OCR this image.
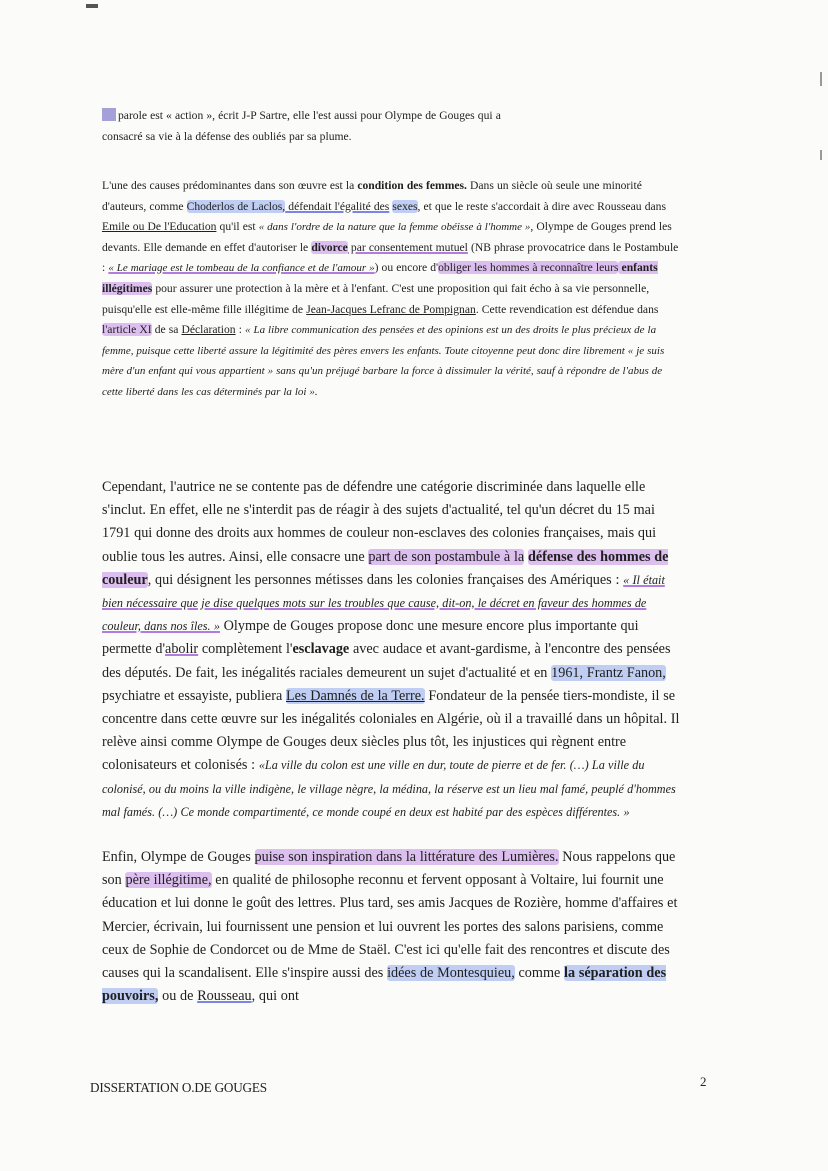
parole est « action », écrit J-P Sartre, elle l'est aussi pour Olympe de Gouges qui a
consacré sa vie à la défense des oubliés par sa plume.
L'une des causes prédominantes dans son œuvre est la condition des femmes. Dans un siècle où seule une minorité d'auteurs, comme Choderlos de Laclos, défendait l'égalité des sexes, et que le reste s'accordait à dire avec Rousseau dans Emile ou De l'Education qu'il est « dans l'ordre de la nature que la femme obéisse à l'homme », Olympe de Gouges prend les devants. Elle demande en effet d'autoriser le divorce par consentement mutuel (NB phrase provocatrice dans le Postambule : « Le mariage est le tombeau de la confiance et de l'amour ») ou encore d'obliger les hommes à reconnaître leurs enfants illégitimes pour assurer une protection à la mère et à l'enfant. C'est une proposition qui fait écho à sa vie personnelle, puisqu'elle est elle-même fille illégitime de Jean-Jacques Lefranc de Pompignan. Cette revendication est défendue dans l'article XI de sa Déclaration : « La libre communication des pensées et des opinions est un des droits le plus précieux de la femme, puisque cette liberté assure la légitimité des pères envers les enfants. Toute citoyenne peut donc dire librement « je suis mère d'un enfant qui vous appartient » sans qu'un préjugé barbare la force à dissimuler la vérité, sauf à répondre de l'abus de cette liberté dans les cas déterminés par la loi ».
Cependant, l'autrice ne se contente pas de défendre une catégorie discriminée dans laquelle elle s'inclut. En effet, elle ne s'interdit pas de réagir à des sujets d'actualité, tel qu'un décret du 15 mai 1791 qui donne des droits aux hommes de couleur non-esclaves des colonies françaises, mais qui oublie tous les autres. Ainsi, elle consacre une part de son postambule à la défense des hommes de couleur, qui désignent les personnes métisses dans les colonies françaises des Amériques : « Il était bien nécessaire que je dise quelques mots sur les troubles que cause, dit-on, le décret en faveur des hommes de couleur, dans nos îles. » Olympe de Gouges propose donc une mesure encore plus importante qui permette d'abolir complètement l'esclavage avec audace et avant-gardisme, à l'encontre des pensées des députés. De fait, les inégalités raciales demeurent un sujet d'actualité et en 1961, Frantz Fanon, psychiatre et essayiste, publiera Les Damnés de la Terre. Fondateur de la pensée tiers-mondiste, il se concentre dans cette œuvre sur les inégalités coloniales en Algérie, où il a travaillé dans un hôpital. Il relève ainsi comme Olympe de Gouges deux siècles plus tôt, les injustices qui règnent entre colonisateurs et colonisés : «La ville du colon est une ville en dur, toute de pierre et de fer. (…) La ville du colonisé, ou du moins la ville indigène, le village nègre, la médina, la réserve est un lieu mal famé, peuplé d'hommes mal famés. (…) Ce monde compartimenté, ce monde coupé en deux est habité par des espèces différentes. »
Enfin, Olympe de Gouges puise son inspiration dans la littérature des Lumières. Nous rappelons que son père illégitime, en qualité de philosophe reconnu et fervent opposant à Voltaire, lui fournit une éducation et lui donne le goût des lettres. Plus tard, ses amis Jacques de Rozière, homme d'affaires et Mercier, écrivain, lui fournissent une pension et lui ouvrent les portes des salons parisiens, comme ceux de Sophie de Condorcet ou de Mme de Staël. C'est ici qu'elle fait des rencontres et discute des causes qui la scandalisent. Elle s'inspire aussi des idées de Montesquieu, comme la séparation des pouvoirs, ou de Rousseau, qui ont
DISSERTATION O.DE GOUGES	2
